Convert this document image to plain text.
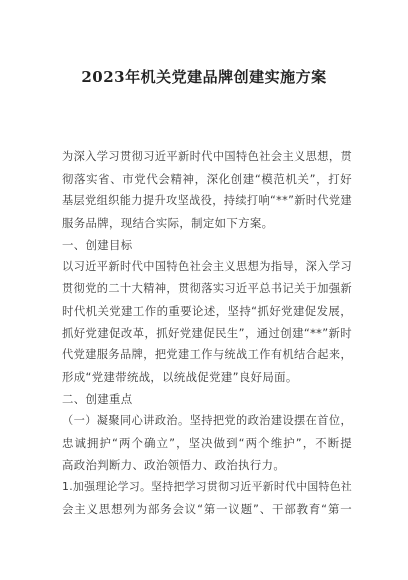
2023年机关党建品牌创建实施方案
为深入学习贯彻习近平新时代中国特色社会主义思想，贯
彻落实省、市党代会精神，深化创建“模范机关”，打好
基层党组织能力提升攻坚战役，持续打响“**”新时代党建
服务品牌，现结合实际，制定如下方案。
一、创建目标
以习近平新时代中国特色社会主义思想为指导，深入学习
贯彻党的二十大精神，贯彻落实习近平总书记关于加强新
时代机关党建工作的重要论述，坚持“抓好党建促发展，
抓好党建促改革，抓好党建促民生”，通过创建“**”新时
代党建服务品牌，把党建工作与统战工作有机结合起来，
形成“党建带统战，以统战促党建”良好局面。
二、创建重点
（一）凝聚同心讲政治。坚持把党的政治建设摆在首位，
忠诚拥护“两个确立”，坚决做到“两个维护”，不断提
高政治判断力、政治领悟力、政治执行力。
1.加强理论学习。坚持把学习贯彻习近平新时代中国特色社
会主义思想列为部务会议“第一议题”、干部教育“第一
